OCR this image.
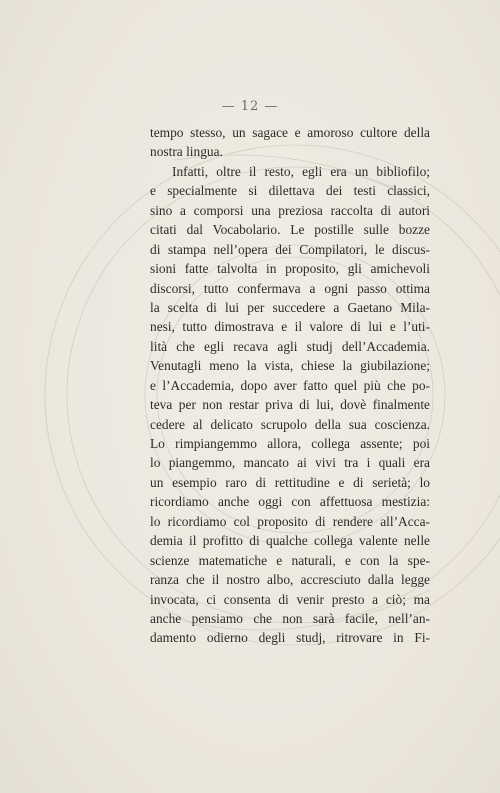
— 12 —
tempo stesso, un sagace e amoroso cultore della
nostra lingua.
Infatti, oltre il resto, egli era un bibliofilo;
e specialmente si dilettava dei testi classici,
sino a comporsi una preziosa raccolta di autori
citati dal Vocabolario. Le postille sulle bozze
di stampa nell’opera dei Compilatori, le discus-
sioni fatte talvolta in proposito, gli amichevoli
discorsi, tutto confermava a ogni passo ottima
la scelta di lui per succedere a Gaetano Mila-
nesi, tutto dimostrava e il valore di lui e l’uti-
lità che egli recava agli studj dell’Accademia.
Venutagli meno la vista, chiese la giubilazione;
e l’Accademia, dopo aver fatto quel più che po-
teva per non restar priva di lui, dovè finalmente
cedere al delicato scrupolo della sua coscienza.
Lo rimpiangemmo allora, collega assente; poi
lo piangemmo, mancato ai vivi tra i quali era
un esempio raro di rettitudine e di serietà; lo
ricordiamo anche oggi con affettuosa mestizia:
lo ricordiamo col proposito di rendere all’Acca-
demia il profitto di qualche collega valente nelle
scienze matematiche e naturali, e con la spe-
ranza che il nostro albo, accresciuto dalla legge
invocata, ci consenta di venir presto a ciò; ma
anche pensiamo che non sarà facile, nell’an-
damento odierno degli studj, ritrovare in Fi-
